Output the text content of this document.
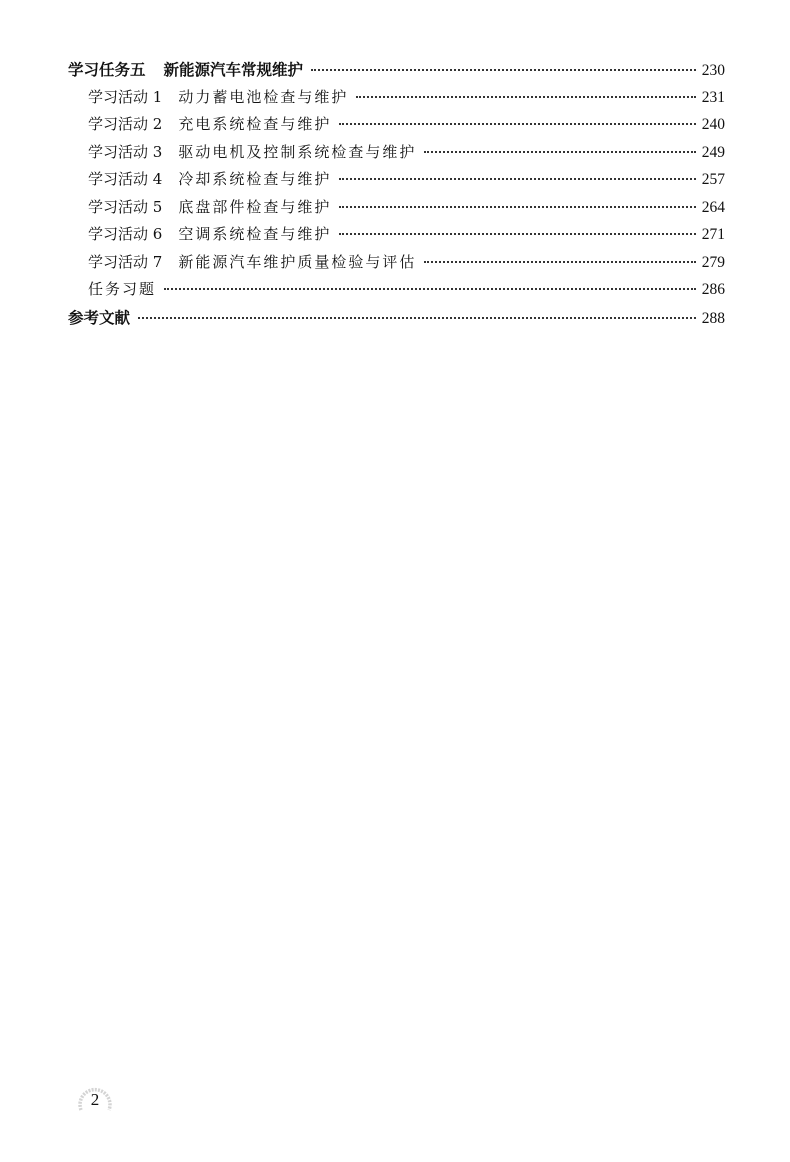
学习任务五 新能源汽车常规维护	230
学习活动 1 动力蓄电池检查与维护	231
学习活动 2 充电系统检查与维护	240
学习活动 3 驱动电机及控制系统检查与维护	249
学习活动 4 冷却系统检查与维护	257
学习活动 5 底盘部件检查与维护	264
学习活动 6 空调系统检查与维护	271
学习活动 7 新能源汽车维护质量检验与评估	279
任务习题	286
参考文献	288
2
